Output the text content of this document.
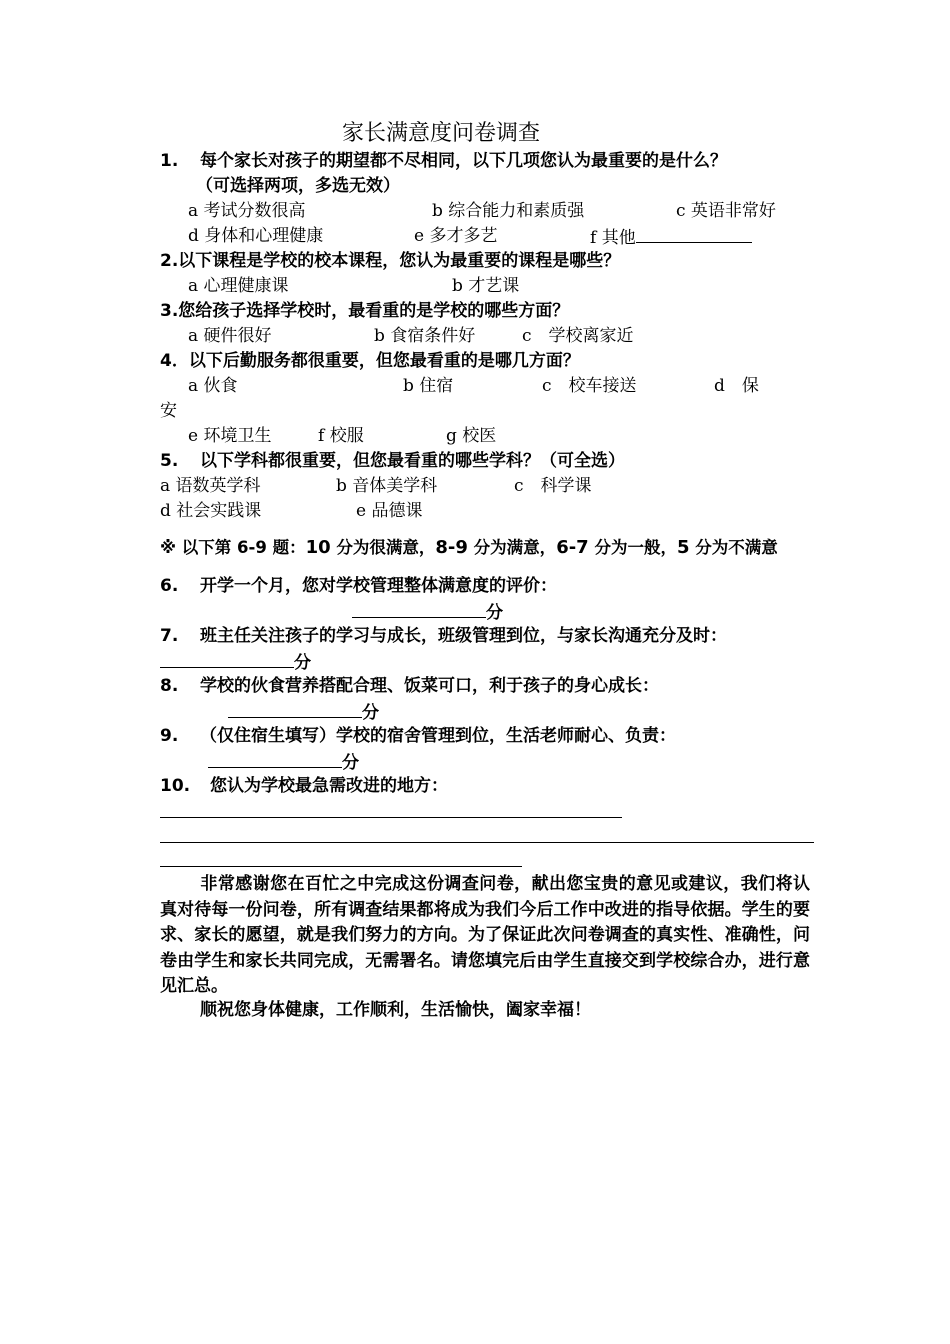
家长满意度问卷调查
1. 每个家长对孩子的期望都不尽相同，以下几项您认为最重要的是什么？
（可选择两项，多选无效）
a 考试分数很高	b 综合能力和素质强	c 英语非常好
d 身体和心理健康	e 多才多艺	f 其他
2.以下课程是学校的校本课程，您认为最重要的课程是哪些？
a 心理健康课	b 才艺课
3.您给孩子选择学校时，最看重的是学校的哪些方面？
a 硬件很好	b 食宿条件好	c　学校离家近
4．以下后勤服务都很重要，但您最看重的是哪几方面？
a 伙食	b 住宿	c　校车接送	d　保
安
e 环境卫生	f 校服	g 校医
5. 以下学科都很重要，但您最看重的哪些学科？（可全选）
a 语数英学科	b 音体美学科	c　科学课
d 社会实践课	e 品德课
※ 以下第 6-9 题：10 分为很满意，8-9 分为满意，6-7 分为一般，5 分为不满意
6. 开学一个月，您对学校管理整体满意度的评价：
分
7. 班主任关注孩子的学习与成长，班级管理到位，与家长沟通充分及时：
分
8. 学校的伙食营养搭配合理、饭菜可口，利于孩子的身心成长：
分
9. （仅住宿生填写）学校的宿舍管理到位，生活老师耐心、负责：
分
10. 您认为学校最急需改进的地方：
非常感谢您在百忙之中完成这份调查问卷，献出您宝贵的意见或建议，我们将认真对待每一份问卷，所有调查结果都将成为我们今后工作中改进的指导依据。学生的要求、家长的愿望，就是我们努力的方向。为了保证此次问卷调查的真实性、准确性，问卷由学生和家长共同完成，无需署名。请您填完后由学生直接交到学校综合办，进行意见汇总。
顺祝您身体健康，工作顺利，生活愉快，阖家幸福！
